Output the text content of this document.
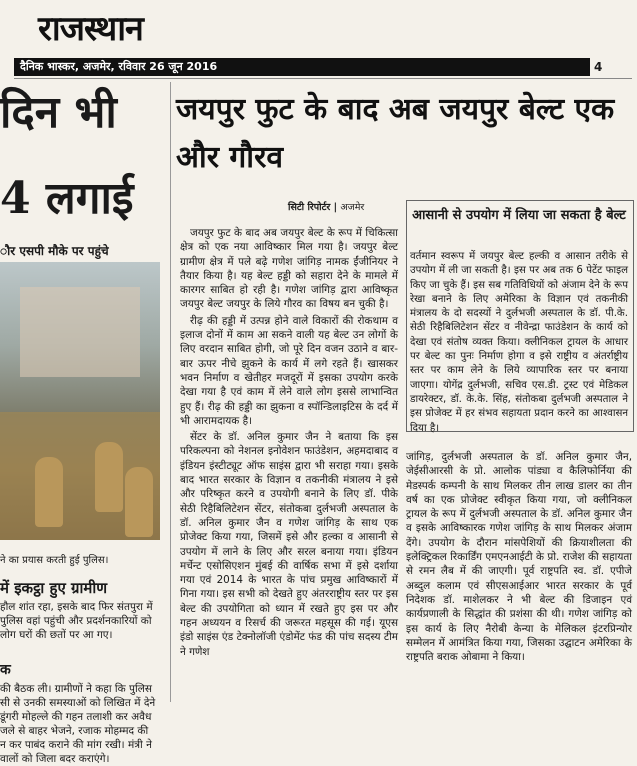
राजस्थान
दैनिक भास्कर, अजमेर, रविवार 26 जून 2016	4
दिन भी
4 लगाई
ौर एसपी मौके पर पहुंचे
ने का प्रयास करती हुई पुलिस।
में इकट्ठा हुए ग्रामीण
हौल शांत रहा, इसके बाद फिर संतपुरा में
पुलिस वहां पहुंची और प्रदर्शनकारियों को
लोग घरों की छतों पर आ गए।
क
की बैठक ली। ग्रामीणों ने कहा कि पुलिस
सी से उनकी समस्याओं को लिखित में देने
डूंगरी मोहल्ले की गहन तलाशी कर अवैध
जले से बाहर भेजने, रजाक मोहम्मद की
न कर पाबंद कराने की मांग रखी। मंत्री ने
वालों को जिला बदर कराएंगे।
जयपुर फुट के बाद अब जयपुर बेल्ट एक और गौरव
सिटी रिपोर्टर | अजमेर

जयपुर फुट के बाद अब जयपुर बेल्ट के रूप में चिकित्सा क्षेत्र को एक नया आविष्कार मिल गया है। जयपुर बेल्ट ग्रामीण क्षेत्र में पले बढ़े गणेश जांगिड़ नामक ईंजीनियर ने तैयार किया है। यह बेल्ट हड्डी को सहारा देने के मामले में कारगर साबित हो रही है। गणेश जांगिड़ द्वारा आविष्कृत जयपुर बेल्ट जयपुर के लिये गौरव का विषय बन चुकी है।

रीढ़ की हड्डी में उत्पन्न होने वाले विकारों की रोकथाम व इलाज दोनों में काम आ सकने वाली यह बेल्ट उन लोगों के लिए वरदान साबित होगी, जो पूरे दिन वजन उठाने व बार-बार ऊपर नीचे झुकने के कार्य में लगे रहते हैं। खासकर भवन निर्माण व खेतीहर मजदूरों में इसका उपयोग करके देखा गया है एवं काम में लेने वाले लोग इससे लाभान्वित हुए हैं। रीढ़ की हड्डी का झुकना व स्पॉन्डिलाइटिस के दर्द में भी आरामदायक है।

सेंटर के डॉ. अनिल कुमार जैन ने बताया कि इस परिकल्पना को नेशनल इनोवेशन फाउंडेशन, अहमदाबाद व इंडियन इंस्टीट्यूट ऑफ साइंस द्वारा भी सराहा गया। इसके बाद भारत सरकार के विज्ञान व तकनीकी मंत्रालय ने इसे और परिष्कृत करने व उपयोगी बनाने के लिए डॉ. पीके सेठी रिहैबिलिटेशन सेंटर, संतोकबा दुर्लभजी अस्पताल के डॉ. अनिल कुमार जैन व गणेश जांगिड़ के साथ एक प्रोजेक्ट किया गया, जिसमें इसे और हल्का व आसानी से उपयोग में लाने के लिए और सरल बनाया गया। इंडियन मर्चेन्ट एसोसिएशन मुंबई की वार्षिक सभा में इसे दर्शाया गया एवं 2014 के भारत के पांच प्रमुख आविष्कारों में गिना गया। इस सभी को देखते हुए अंतरराष्ट्रीय स्तर पर इस बेल्ट की उपयोगिता को ध्यान में रखते हुए इस पर और गहन अध्ययन व रिसर्च की जरूरत महसूस की गई। यूएस इंडो साइंस एंड टेक्नोलॉजी एंडोमेंट फंड की पांच सदस्य टीम ने गणेश

आसानी से उपयोग में लिया जा सकता है बेल्ट
वर्तमान स्वरूप में जयपुर बेल्ट हल्की व आसान तरीके से उपयोग में ली जा सकती है। इस पर अब तक 6 पेटेंट फाइल किए जा चुके हैं। इस सब गतिविधियों को अंजाम देने के रूप रेखा बनाने के लिए अमेरिका के विज्ञान एवं तकनीकी मंत्रालय के दो सदस्यों ने दुर्लभजी अस्पताल के डॉ. पी.के. सेठी रिहैबिलिटेशन सेंटर व नीवेन्द्रा फाउंडेशन के कार्य को देखा एवं संतोष व्यक्त किया। क्लीनिकल ट्रायल के आधार पर बेल्ट का पुनः निर्माण होगा व इसे राष्ट्रीय व अंतर्राष्ट्रीय स्तर पर काम लेने के लिये व्यापारिक स्तर पर बनाया जाएगा। योगेंद्र दुर्लभजी, सचिव एस.डी. ट्रस्ट एवं मेडिकल डायरेक्टर, डॉ. के.के. सिंह, संतोकबा दुर्लभजी अस्पताल ने इस प्रोजेक्ट में हर संभव सहायता प्रदान करने का आश्वासन दिया है।
जांगिड़, दुर्लभजी अस्पताल के डॉ. अनिल कुमार जैन, जेईसीआरसी के प्रो. आलोक पांड्या व कैलिफोर्निया की मेडस्पर्क कम्पनी के साथ मिलकर तीन लाख डालर का तीन वर्ष का एक प्रोजेक्ट स्वीकृत किया गया, जो क्लीनिकल ट्रायल के रूप में दुर्लभजी अस्पताल के डॉ. अनिल कुमार जैन व इसके आविष्कारक गणेश जांगिड़ के साथ मिलकर अंजाम देंगे। उपयोग के दौरान मांसपेशियों की क्रियाशीलता की इलेक्ट्रिकल रिकार्डिंग एमएनआईटी के प्रो. राजेश की सहायता से रमन लैब में की जाएगी। पूर्व राष्ट्रपति स्व. डॉ. एपीजे अब्दुल कलाम एवं सीएसआईआर भारत सरकार के पूर्व निदेशक डॉ. माशेलकर ने भी बेल्ट की डिजाइन एवं कार्यप्रणाली के सिद्धांत की प्रशंसा की थी। गणेश जांगिड़ को इस कार्य के लिए नैरोबी केन्या के मेलिकल इंटरप्रिन्योर सम्मेलन में आमंत्रित किया गया, जिसका उद्घाटन अमेरिका के राष्ट्रपति बराक ओबामा ने किया।
